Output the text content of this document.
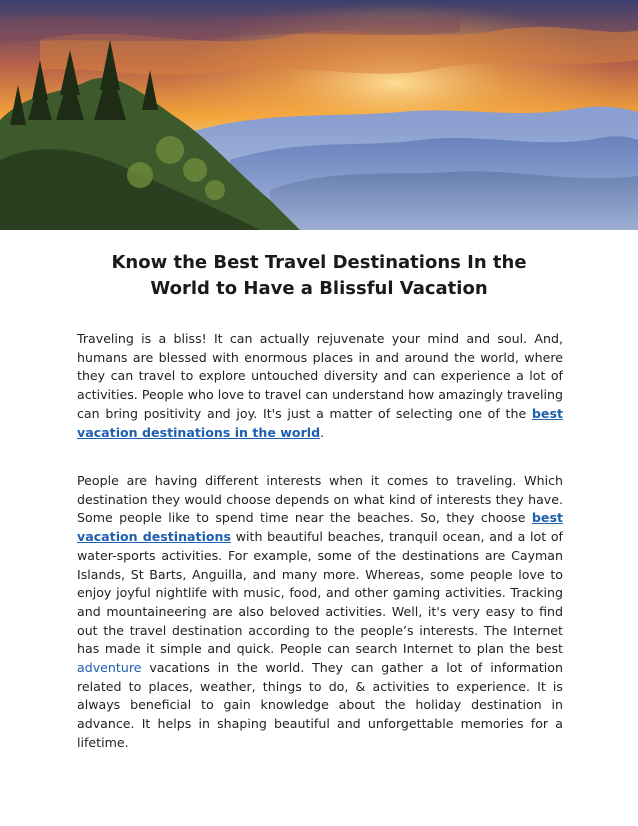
Know the Best Travel Destinations In the
World to Have a Blissful Vacation

Traveling is a bliss! It can actually rejuvenate your mind and soul. And, humans are blessed with enormous places in and around the world, where they can travel to explore untouched diversity and can experience a lot of activities. People who love to travel can understand how amazingly traveling can bring positivity and joy. It's just a matter of selecting one of the best vacation destinations in the world.

People are having different interests when it comes to traveling. Which destination they would choose depends on what kind of interests they have. Some people like to spend time near the beaches. So, they choose best vacation destinations with beautiful beaches, tranquil ocean, and a lot of water-sports activities. For example, some of the destinations are Cayman Islands, St Barts, Anguilla, and many more. Whereas, some people love to enjoy joyful nightlife with music, food, and other gaming activities. Tracking and mountaineering are also beloved activities. Well, it's very easy to find out the travel destination according to the people’s interests. The Internet has made it simple and quick. People can search Internet to plan the best adventure vacations in the world. They can gather a lot of information related to places, weather, things to do, & activities to experience. It is always beneficial to gain knowledge about the holiday destination in advance. It helps in shaping beautiful and unforgettable memories for a lifetime.
